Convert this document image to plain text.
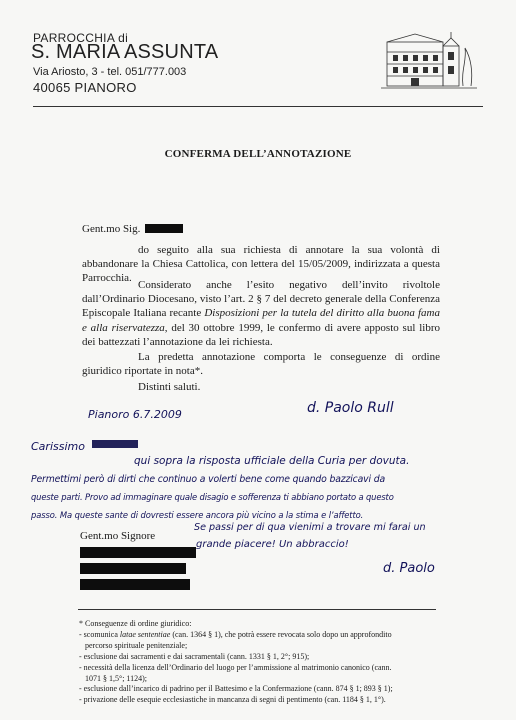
PARROCCHIA di
S. MARIA ASSUNTA
Via Ariosto, 3 - tel. 051/777.003
40065 PIANORO
CONFERMA DELL’ANNOTAZIONE
Gent.mo Sig.
do seguito alla sua richiesta di annotare la sua volontà di abbandonare la Chiesa Cattolica, con lettera del 15/05/2009, indirizzata a questa Parrocchia.
Considerato anche l’esito negativo dell’invito rivoltole dall’Ordinario Diocesano, visto l’art. 2 § 7 del decreto generale della Conferenza Episcopale Italiana recante Disposizioni per la tutela del diritto alla buona fama e alla riservatezza, del 30 ottobre 1999, le confermo di avere apposto sul libro dei battezzati l’annotazione da lei richiesta.
La predetta annotazione comporta le conseguenze di ordine giuridico riportate in nota*.
Distinti saluti.
Pianoro 6.7.2009	d. Paolo Rull
Carissimo
qui sopra la risposta ufficiale della Curia per dovuta.
Permettimi però di dirti che continuo a volerti bene come quando bazzicavi da
queste parti. Provo ad immaginare quale disagio e sofferenza ti abbiano portato a questo
passo. Ma queste sante di dovresti essere ancora più vicino a la stima e l’affetto.
Se passi per di qua vienimi a trovare mi farai un
grande piacere! Un abbraccio!
d. Paolo
Gent.mo Signore
* Conseguenze di ordine giuridico:
- scomunica latae sententiae (can. 1364 § 1), che potrà essere revocata solo dopo un approfondito
percorso spirituale penitenziale;
- esclusione dai sacramenti e dai sacramentali (cann. 1331 § 1, 2°; 915);
- necessità della licenza dell’Ordinario del luogo per l’ammissione al matrimonio canonico (cann.
1071 § 1,5°; 1124);
- esclusione dall’incarico di padrino per il Battesimo e la Confermazione (cann. 874 § 1; 893 § 1);
- privazione delle esequie ecclesiastiche in mancanza di segni di pentimento (can. 1184 § 1, 1°).
